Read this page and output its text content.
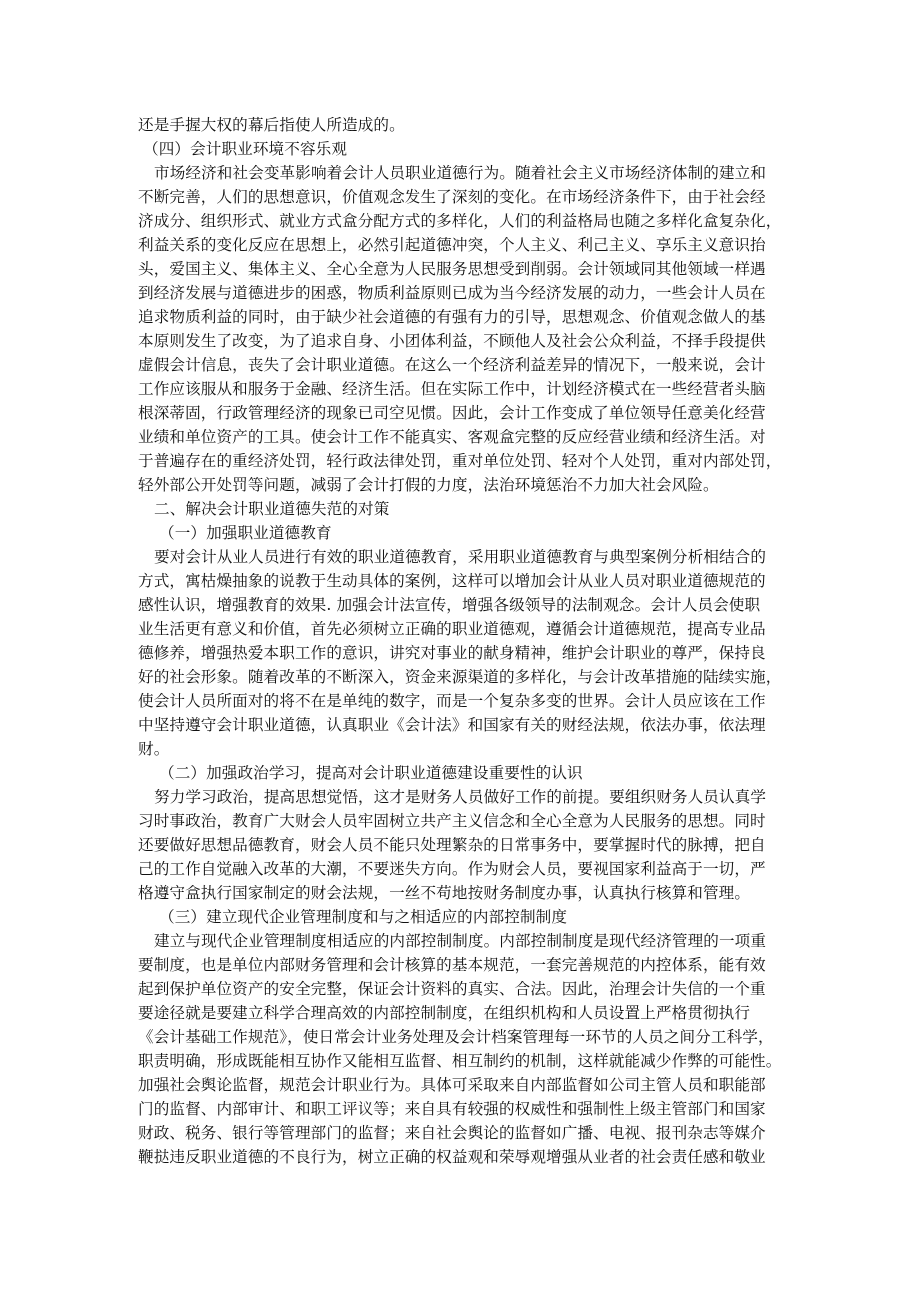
还是手握大权的幕后指使人所造成的。
（四）会计职业环境不容乐观
市场经济和社会变革影响着会计人员职业道德行为。随着社会主义市场经济体制的建立和
不断完善，人们的思想意识，价值观念发生了深刻的变化。在市场经济条件下，由于社会经
济成分、组织形式、就业方式盒分配方式的多样化，人们的利益格局也随之多样化盒复杂化，
利益关系的变化反应在思想上，必然引起道德冲突，个人主义、利己主义、享乐主义意识抬
头，爱国主义、集体主义、全心全意为人民服务思想受到削弱。会计领域同其他领域一样遇
到经济发展与道德进步的困惑，物质利益原则已成为当今经济发展的动力，一些会计人员在
追求物质利益的同时，由于缺少社会道德的有强有力的引导，思想观念、价值观念做人的基
本原则发生了改变，为了追求自身、小团体利益，不顾他人及社会公众利益，不择手段提供
虚假会计信息，丧失了会计职业道德。在这么一个经济利益差异的情况下，一般来说，会计
工作应该服从和服务于金融、经济生活。但在实际工作中，计划经济模式在一些经营者头脑
根深蒂固，行政管理经济的现象已司空见惯。因此，会计工作变成了单位领导任意美化经营
业绩和单位资产的工具。使会计工作不能真实、客观盒完整的反应经营业绩和经济生活。对
于普遍存在的重经济处罚，轻行政法律处罚，重对单位处罚、轻对个人处罚，重对内部处罚，
轻外部公开处罚等问题，减弱了会计打假的力度，法治环境惩治不力加大社会风险。
二、解决会计职业道德失范的对策
（一）加强职业道德教育
要对会计从业人员进行有效的职业道德教育，采用职业道德教育与典型案例分析相结合的
方式，寓枯燥抽象的说教于生动具体的案例，这样可以增加会计从业人员对职业道德规范的
感性认识，增强教育的效果. 加强会计法宣传，增强各级领导的法制观念。会计人员会使职
业生活更有意义和价值，首先必须树立正确的职业道德观，遵循会计道德规范，提高专业品
德修养，增强热爱本职工作的意识，讲究对事业的献身精神，维护会计职业的尊严，保持良
好的社会形象。随着改革的不断深入，资金来源渠道的多样化，与会计改革措施的陆续实施，
使会计人员所面对的将不在是单纯的数字，而是一个复杂多变的世界。会计人员应该在工作
中坚持遵守会计职业道德，认真职业《会计法》和国家有关的财经法规，依法办事，依法理
财。
（二）加强政治学习，提高对会计职业道德建设重要性的认识
努力学习政治，提高思想觉悟，这才是财务人员做好工作的前提。要组织财务人员认真学
习时事政治，教育广大财会人员牢固树立共产主义信念和全心全意为人民服务的思想。同时
还要做好思想品德教育，财会人员不能只处理繁杂的日常事务中，要掌握时代的脉搏，把自
己的工作自觉融入改革的大潮，不要迷失方向。作为财会人员，要视国家利益高于一切，严
格遵守盒执行国家制定的财会法规，一丝不苟地按财务制度办事，认真执行核算和管理。
（三）建立现代企业管理制度和与之相适应的内部控制制度
建立与现代企业管理制度相适应的内部控制制度。内部控制制度是现代经济管理的一项重
要制度，也是单位内部财务管理和会计核算的基本规范，一套完善规范的内控体系，能有效
起到保护单位资产的安全完整，保证会计资料的真实、合法。因此，治理会计失信的一个重
要途径就是要建立科学合理高效的内部控制制度，在组织机构和人员设置上严格贯彻执行
《会计基础工作规范》，使日常会计业务处理及会计档案管理每一环节的人员之间分工科学，
职责明确，形成既能相互协作又能相互监督、相互制约的机制，这样就能减少作弊的可能性。
加强社会舆论监督，规范会计职业行为。具体可采取来自内部监督如公司主管人员和职能部
门的监督、内部审计、和职工评议等；来自具有较强的权威性和强制性上级主管部门和国家
财政、税务、银行等管理部门的监督；来自社会舆论的监督如广播、电视、报刊杂志等媒介
鞭挞违反职业道德的不良行为，树立正确的权益观和荣辱观增强从业者的社会责任感和敬业
